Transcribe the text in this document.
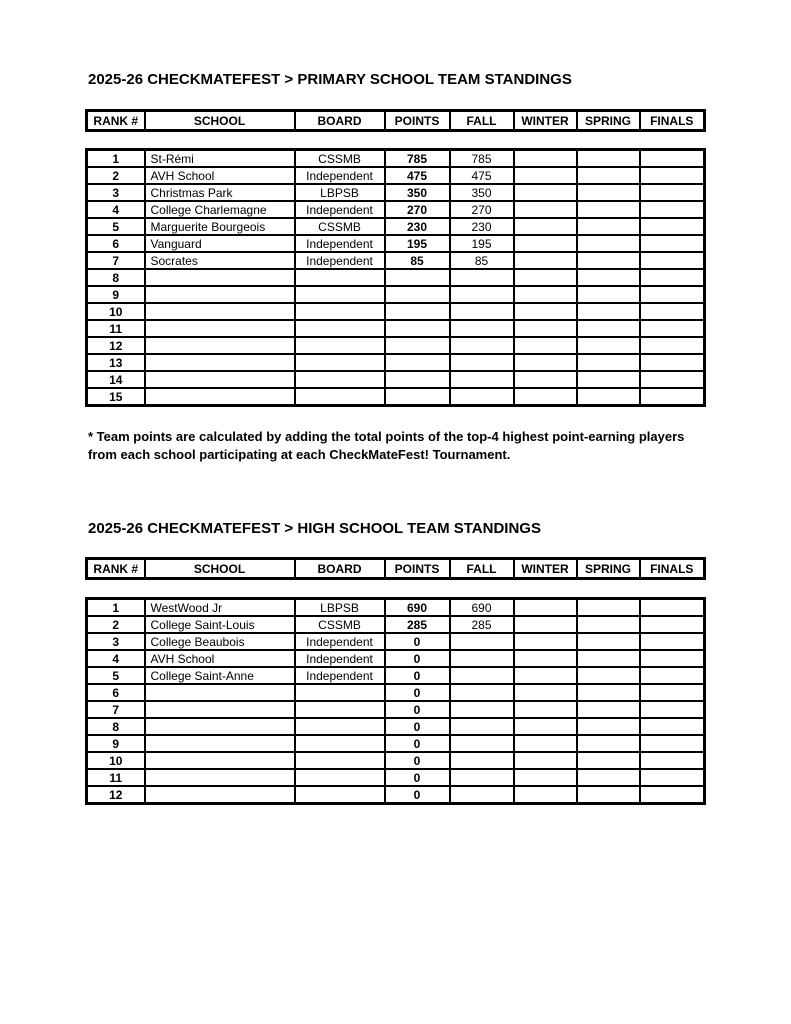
2025-26 CHECKMATEFEST > PRIMARY SCHOOL TEAM STANDINGS
RANK #	SCHOOL	BOARD	POINTS	FALL	WINTER	SPRING	FINALS
1	St-Rémi	CSSMB	785	785			
2	AVH School	Independent	475	475			
3	Christmas Park	LBPSB	350	350			
4	College Charlemagne	Independent	270	270			
5	Marguerite Bourgeois	CSSMB	230	230			
6	Vanguard	Independent	195	195			
7	Socrates	Independent	85	85			
8							
9							
10							
11							
12							
13							
14							
15							
* Team points are calculated by adding the total points of the top-4 highest point-earning players from each school participating at each CheckMateFest! Tournament.
2025-26 CHECKMATEFEST > HIGH SCHOOL TEAM STANDINGS
RANK #	SCHOOL	BOARD	POINTS	FALL	WINTER	SPRING	FINALS
1	WestWood Jr	LBPSB	690	690			
2	College Saint-Louis	CSSMB	285	285			
3	College Beaubois	Independent	0				
4	AVH School	Independent	0				
5	College Saint-Anne	Independent	0				
6			0				
7			0				
8			0				
9			0				
10			0				
11			0				
12			0				
